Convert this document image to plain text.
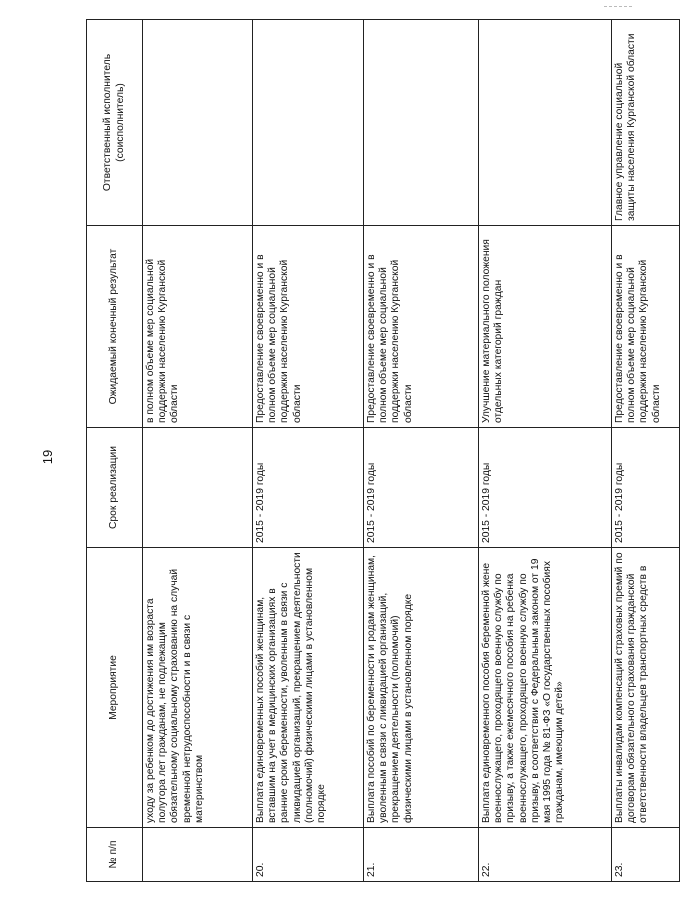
19
№ п/п	Мероприятие	Срок реализации	Ожидаемый конечный результат	Ответственный исполнитель (соисполнитель)
	уходу за ребенком до достижения им возраста полутора лет гражданам, не подлежащим обязательному социальному страхованию на случай временной нетрудоспособности и в связи с материнством		в полном объеме мер социальной поддержки населению Курганской области	
20.	Выплата единовременных пособий женщинам, вставшим на учет в медицинских организациях в ранние сроки беременности, уволенным в связи с ликвидацией организаций, прекращением деятельности (полномочий) физическими лицами в установленном порядке	2015 - 2019 годы	Предоставление своевременно и в полном объеме мер социальной поддержки населению Курганской области	
21.	Выплата пособий по беременности и родам женщинам, уволенным в связи с ликвидацией организаций, прекращением деятельности (полномочий) физическими лицами в установленном порядке	2015 - 2019 годы	Предоставление своевременно и в полном объеме мер социальной поддержки населению Курганской области	
22.	Выплата единовременного пособия беременной жене военнослужащего, проходящего военную службу по призыву, а также ежемесячного пособия на ребенка военнослужащего, проходящего военную службу по призыву, в соответствии с Федеральным законом от 19 мая 1995 года № 81-ФЗ «О государственных пособиях гражданам, имеющим детей»	2015 - 2019 годы	Улучшение материального положения отдельных категорий граждан	
23.	Выплаты инвалидам компенсаций страховых премий по договорам обязательного страхования гражданской ответственности владельцев транспортных средств в	2015 - 2019 годы	Предоставление своевременно и в полном объеме мер социальной поддержки населению Курганской области	Главное управление социальной защиты населения Курганской области
